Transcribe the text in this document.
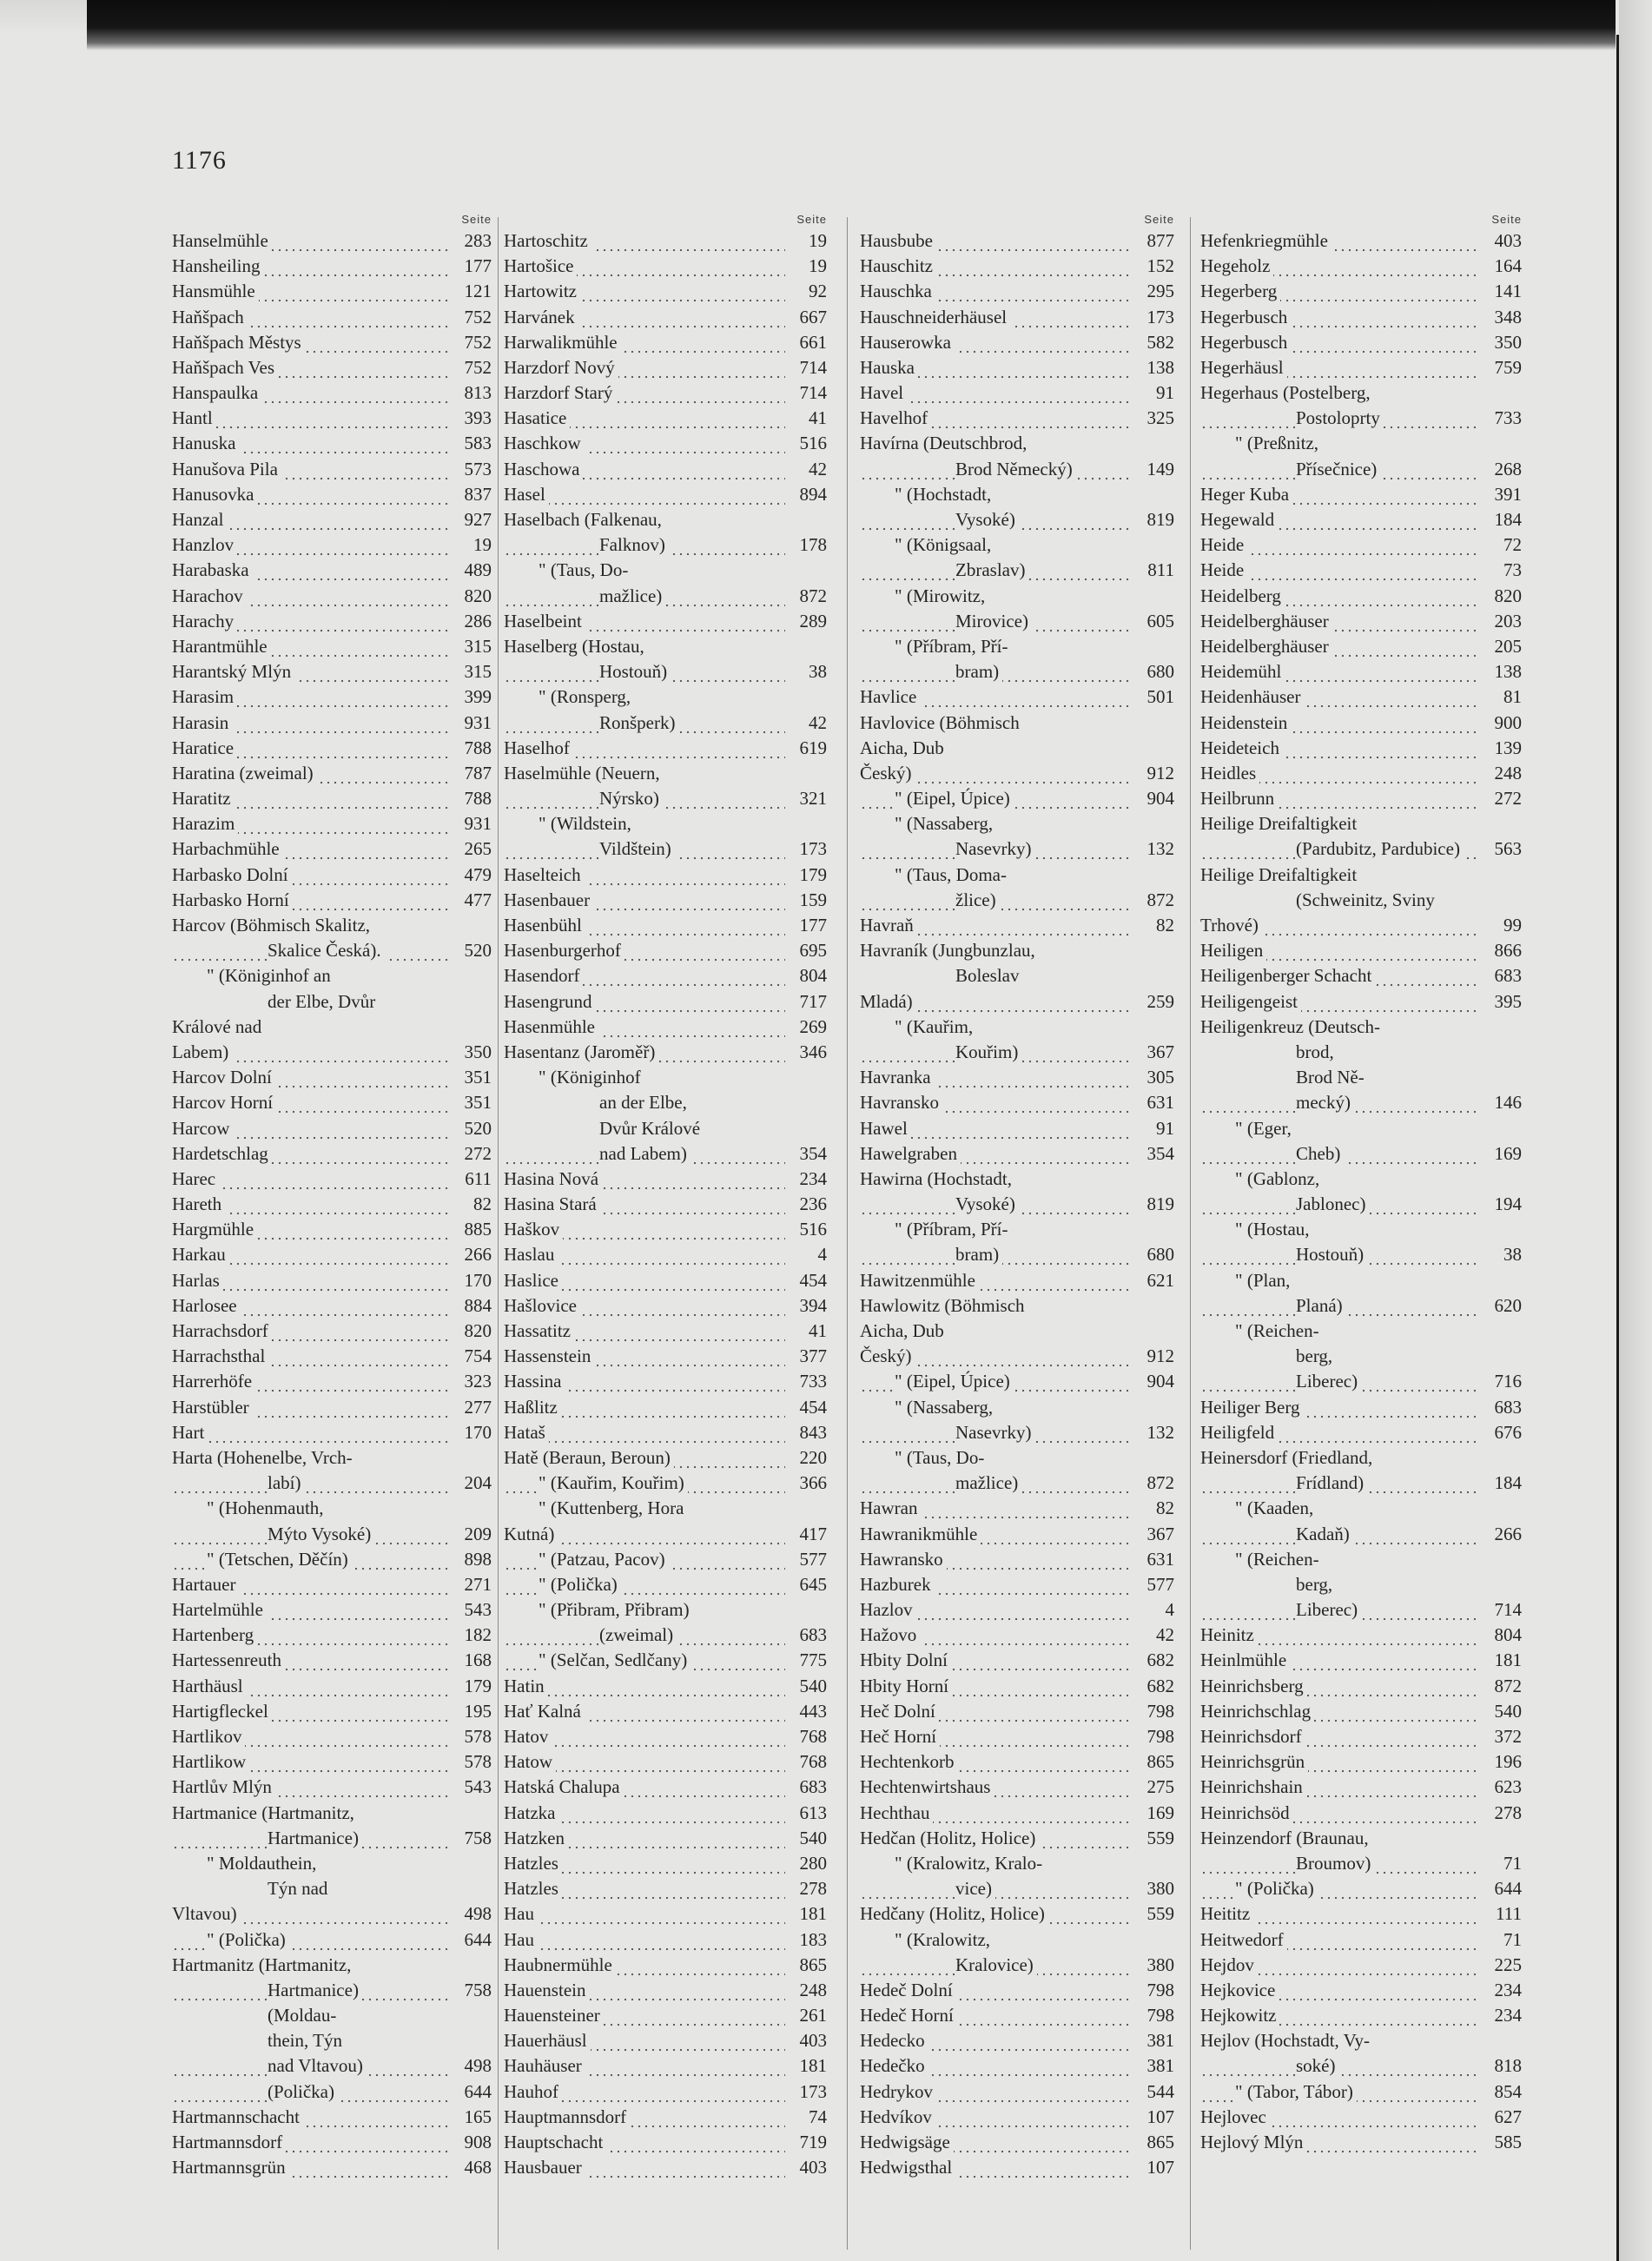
1176
Seite
Hanselmühle	283
Hansheiling	177
Hansmühle	121
Haňšpach	752
Haňšpach Městys	752
Haňšpach Ves	752
Hanspaulka	813
Hantl	393
Hanuska	583
Hanušova Pila	573
Hanusovka	837
Hanzal	927
Hanzlov	19
Harabaska	489
Harachov	820
Harachy	286
Harantmühle	315
Harantský Mlýn	315
Harasim	399
Harasin	931
Haratice	788
Haratina (zweimal)	787
Haratitz	788
Harazim	931
Harbachmühle	265
Harbasko Dolní	479
Harbasko Horní	477
Harcov (Böhmisch Skalitz,
Skalice Česká).	520
" (Königinhof an
der Elbe, Dvůr
Králové nad
Labem)	350
Harcov Dolní	351
Harcov Horní	351
Harcow	520
Hardetschlag	272
Harec	611
Hareth	82
Hargmühle	885
Harkau	266
Harlas	170
Harlosee	884
Harrachsdorf	820
Harrachsthal	754
Harrerhöfe	323
Harstübler	277
Hart	170
Harta (Hohenelbe, Vrch-
labí)	204
" (Hohenmauth,
Mýto Vysoké)	209
" (Tetschen, Děčín)	898
Hartauer	271
Hartelmühle	543
Hartenberg	182
Hartessenreuth	168
Harthäusl	179
Hartigfleckel	195
Hartlikov	578
Hartlikow	578
Hartlův Mlýn	543
Hartmanice (Hartmanitz,
Hartmanice)	758
" Moldauthein,
Týn nad
Vltavou)	498
" (Polička)	644
Hartmanitz (Hartmanitz,
Hartmanice)	758
(Moldau-
thein, Týn
nad Vltavou)	498
(Polička)	644
Hartmannschacht	165
Hartmannsdorf	908
Hartmannsgrün	468
Seite
Hartoschitz	19
Hartošice	19
Hartowitz	92
Harvánek	667
Harwalikmühle	661
Harzdorf Nový	714
Harzdorf Starý	714
Hasatice	41
Haschkow	516
Haschowa	42
Hasel	894
Haselbach (Falkenau,
Falknov)	178
" (Taus, Do-
mažlice)	872
Haselbeint	289
Haselberg (Hostau,
Hostouň)	38
" (Ronsperg,
Ronšperk)	42
Haselhof	619
Haselmühle (Neuern,
Nýrsko)	321
" (Wildstein,
Vildštein)	173
Haselteich	179
Hasenbauer	159
Hasenbühl	177
Hasenburgerhof	695
Hasendorf	804
Hasengrund	717
Hasenmühle	269
Hasentanz (Jaroměř)	346
" (Königinhof
an der Elbe,
Dvůr Králové
nad Labem)	354
Hasina Nová	234
Hasina Stará	236
Haškov	516
Haslau	4
Haslice	454
Hašlovice	394
Hassatitz	41
Hassenstein	377
Hassina	733
Haßlitz	454
Hataš	843
Hatě (Beraun, Beroun)	220
" (Kauřim, Kouřim)	366
" (Kuttenberg, Hora
Kutná)	417
" (Patzau, Pacov)	577
" (Polička)	645
" (Přibram, Přibram)
(zweimal)	683
" (Selčan, Sedlčany)	775
Hatin	540
Hať Kalná	443
Hatov	768
Hatow	768
Hatská Chalupa	683
Hatzka	613
Hatzken	540
Hatzles	280
Hatzles	278
Hau	181
Hau	183
Haubnermühle	865
Hauenstein	248
Hauensteiner	261
Hauerhäusl	403
Hauhäuser	181
Hauhof	173
Hauptmannsdorf	74
Hauptschacht	719
Hausbauer	403
Seite
Hausbube	877
Hauschitz	152
Hauschka	295
Hauschneiderhäusel	173
Hauserowka	582
Hauska	138
Havel	91
Havelhof	325
Havírna (Deutschbrod,
Brod Německý)	149
" (Hochstadt,
Vysoké)	819
" (Königsaal,
Zbraslav)	811
" (Mirowitz,
Mirovice)	605
" (Příbram, Pří-
bram)	680
Havlice	501
Havlovice (Böhmisch
Aicha, Dub
Český)	912
" (Eipel, Úpice)	904
" (Nassaberg,
Nasevrky)	132
" (Taus, Doma-
žlice)	872
Havraň	82
Havraník (Jungbunzlau,
Boleslav
Mladá)	259
" (Kauřim,
Kouřim)	367
Havranka	305
Havransko	631
Hawel	91
Hawelgraben	354
Hawirna (Hochstadt,
Vysoké)	819
" (Příbram, Pří-
bram)	680
Hawitzenmühle	621
Hawlowitz (Böhmisch
Aicha, Dub
Český)	912
" (Eipel, Úpice)	904
" (Nassaberg,
Nasevrky)	132
" (Taus, Do-
mažlice)	872
Hawran	82
Hawranikmühle	367
Hawransko	631
Hazburek	577
Hazlov	4
Hažovo	42
Hbity Dolní	682
Hbity Horní	682
Heč Dolní	798
Heč Horní	798
Hechtenkorb	865
Hechtenwirtshaus	275
Hechthau	169
Hedčan (Holitz, Holice)	559
" (Kralowitz, Kralo-
vice)	380
Hedčany (Holitz, Holice)	559
" (Kralowitz,
Kralovice)	380
Hedeč Dolní	798
Hedeč Horní	798
Hedecko	381
Hedečko	381
Hedrykov	544
Hedvíkov	107
Hedwigsäge	865
Hedwigsthal	107
Seite
Hefenkriegmühle	403
Hegeholz	164
Hegerberg	141
Hegerbusch	348
Hegerbusch	350
Hegerhäusl	759
Hegerhaus (Postelberg,
Postoloprty	733
" (Preßnitz,
Přísečnice)	268
Heger Kuba	391
Hegewald	184
Heide	72
Heide	73
Heidelberg	820
Heidelberghäuser	203
Heidelberghäuser	205
Heidemühl	138
Heidenhäuser	81
Heidenstein	900
Heideteich	139
Heidles	248
Heilbrunn	272
Heilige Dreifaltigkeit
(Pardubitz, Pardubice)	563
Heilige Dreifaltigkeit
(Schweinitz, Sviny
Trhové)	99
Heiligen	866
Heiligenberger Schacht	683
Heiligengeist	395
Heiligenkreuz (Deutsch-
brod,
Brod Ně-
mecký)	146
" (Eger,
Cheb)	169
" (Gablonz,
Jablonec)	194
" (Hostau,
Hostouň)	38
" (Plan,
Planá)	620
" (Reichen-
berg,
Liberec)	716
Heiliger Berg	683
Heiligfeld	676
Heinersdorf (Friedland,
Frídland)	184
" (Kaaden,
Kadaň)	266
" (Reichen-
berg,
Liberec)	714
Heinitz	804
Heinlmühle	181
Heinrichsberg	872
Heinrichschlag	540
Heinrichsdorf	372
Heinrichsgrün	196
Heinrichshain	623
Heinrichsöd	278
Heinzendorf (Braunau,
Broumov)	71
" (Polička)	644
Heititz	111
Heitwedorf	71
Hejdov	225
Hejkovice	234
Hejkowitz	234
Hejlov (Hochstadt, Vy-
soké)	818
" (Tabor, Tábor)	854
Hejlovec	627
Hejlový Mlýn	585
